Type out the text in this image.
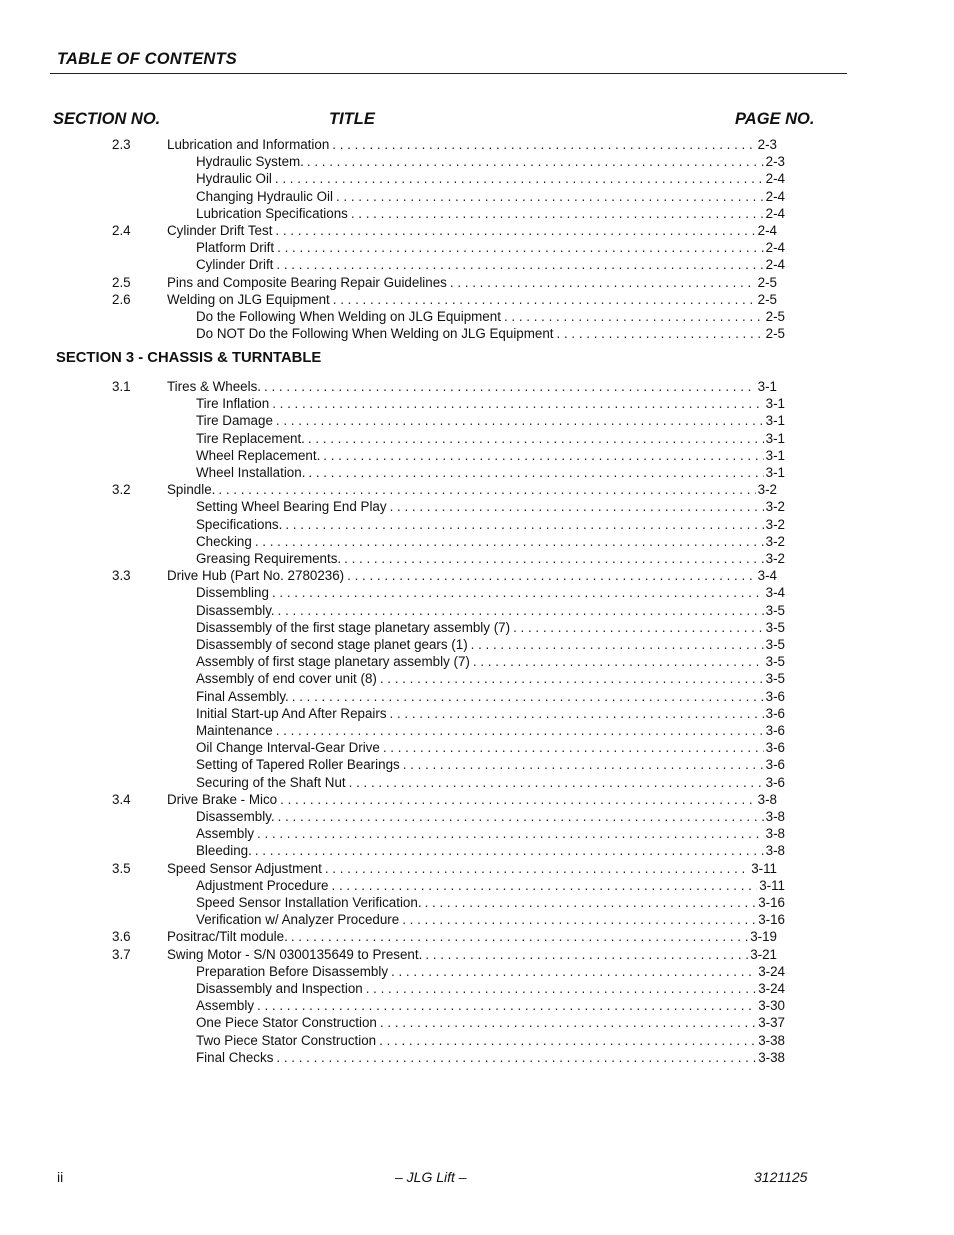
TABLE OF CONTENTS
SECTION NO.	TITLE	PAGE NO.
SECTION 3 - CHASSIS & TURNTABLE
2.3	Lubrication and Information . . .	2-3
Hydraulic System. . . .	2-3
Hydraulic Oil . . .	2-4
Changing Hydraulic Oil . . .	2-4
Lubrication Specifications . . .	2-4
2.4	Cylinder Drift Test . . .	2-4
Platform Drift . . .	2-4
Cylinder Drift . . .	2-4
2.5	Pins and Composite Bearing Repair Guidelines . . .	2-5
2.6	Welding on JLG Equipment . . .	2-5
Do the Following When Welding on JLG Equipment . . .	2-5
Do NOT Do the Following When Welding on JLG Equipment . . .	2-5
3.1	Tires & Wheels. . . .	3-1
Tire Inflation . . .	3-1
Tire Damage . . .	3-1
Tire Replacement. . . .	3-1
Wheel Replacement. . . .	3-1
Wheel Installation. . . .	3-1
3.2	Spindle. . . .	3-2
Setting Wheel Bearing End Play . . .	3-2
Specifications. . . .	3-2
Checking . . .	3-2
Greasing Requirements. . . .	3-2
3.3	Drive Hub (Part No. 2780236) . . .	3-4
Dissembling . . .	3-4
Disassembly. . . .	3-5
Disassembly of the first stage planetary assembly (7) . . .	3-5
Disassembly of second stage planet gears (1) . . .	3-5
Assembly of first stage planetary assembly (7) . . .	3-5
Assembly of end cover unit (8) . . .	3-5
Final Assembly. . . .	3-6
Initial Start-up And After Repairs . . .	3-6
Maintenance . . .	3-6
Oil Change Interval-Gear Drive . . .	3-6
Setting of Tapered Roller Bearings . . .	3-6
Securing of the Shaft Nut . . .	3-6
3.4	Drive Brake - Mico . . .	3-8
Disassembly. . . .	3-8
Assembly . . .	3-8
Bleeding. . . .	3-8
3.5	Speed Sensor Adjustment . . .	3-11
Adjustment Procedure . . .	3-11
Speed Sensor Installation Verification. . . .	3-16
Verification w/ Analyzer Procedure . . .	3-16
3.6	Positrac/Tilt module. . . .	3-19
3.7	Swing Motor - S/N 0300135649 to Present. . . .	3-21
Preparation Before Disassembly . . .	3-24
Disassembly and Inspection . . .	3-24
Assembly . . .	3-30
One Piece Stator Construction . . .	3-37
Two Piece Stator Construction . . .	3-38
Final Checks . . .	3-38
ii	– JLG Lift –	3121125
